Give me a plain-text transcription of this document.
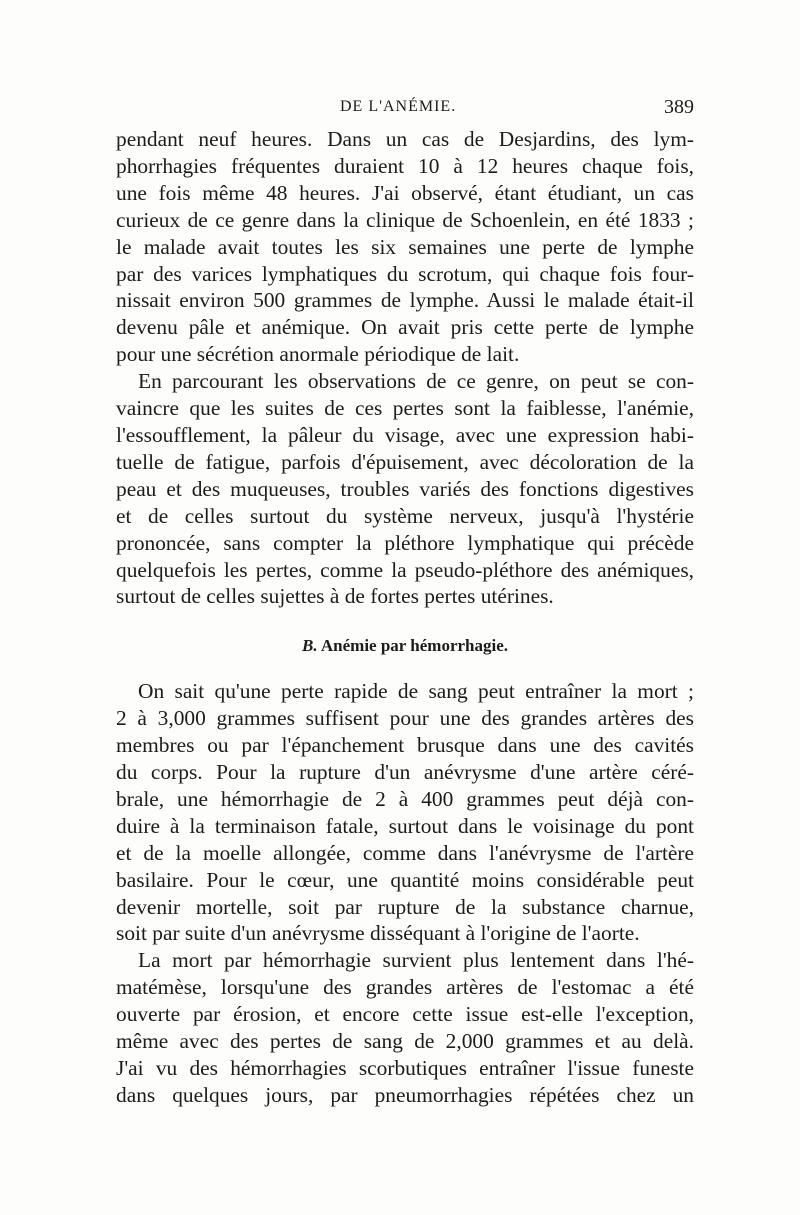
DE L'ANÉMIE.	389

pendant neuf heures. Dans un cas de Desjardins, des lym-

phorrhagies fréquentes duraient 10 à 12 heures chaque fois,

une fois même 48 heures. J'ai observé, étant étudiant, un cas

curieux de ce genre dans la clinique de Schoenlein, en été 1833 ;

le malade avait toutes les six semaines une perte de lymphe

par des varices lymphatiques du scrotum, qui chaque fois four-

nissait environ 500 grammes de lymphe. Aussi le malade était-il

devenu pâle et anémique. On avait pris cette perte de lymphe

pour une sécrétion anormale périodique de lait.

En parcourant les observations de ce genre, on peut se con-

vaincre que les suites de ces pertes sont la faiblesse, l'anémie,

l'essoufflement, la pâleur du visage, avec une expression habi-

tuelle de fatigue, parfois d'épuisement, avec décoloration de la

peau et des muqueuses, troubles variés des fonctions digestives

et de celles surtout du système nerveux, jusqu'à l'hystérie

prononcée, sans compter la pléthore lymphatique qui précède

quelquefois les pertes, comme la pseudo-pléthore des anémiques,

surtout de celles sujettes à de fortes pertes utérines.

B. Anémie par hémorrhagie.

On sait qu'une perte rapide de sang peut entraîner la mort ;

2 à 3,000 grammes suffisent pour une des grandes artères des

membres ou par l'épanchement brusque dans une des cavités

du corps. Pour la rupture d'un anévrysme d'une artère céré-

brale, une hémorrhagie de 2 à 400 grammes peut déjà con-

duire à la terminaison fatale, surtout dans le voisinage du pont

et de la moelle allongée, comme dans l'anévrysme de l'artère

basilaire. Pour le cœur, une quantité moins considérable peut

devenir mortelle, soit par rupture de la substance charnue,

soit par suite d'un anévrysme disséquant à l'origine de l'aorte.

La mort par hémorrhagie survient plus lentement dans l'hé-

matémèse, lorsqu'une des grandes artères de l'estomac a été

ouverte par érosion, et encore cette issue est-elle l'exception,

même avec des pertes de sang de 2,000 grammes et au delà.

J'ai vu des hémorrhagies scorbutiques entraîner l'issue funeste

dans quelques jours, par pneumorrhagies répétées chez un
